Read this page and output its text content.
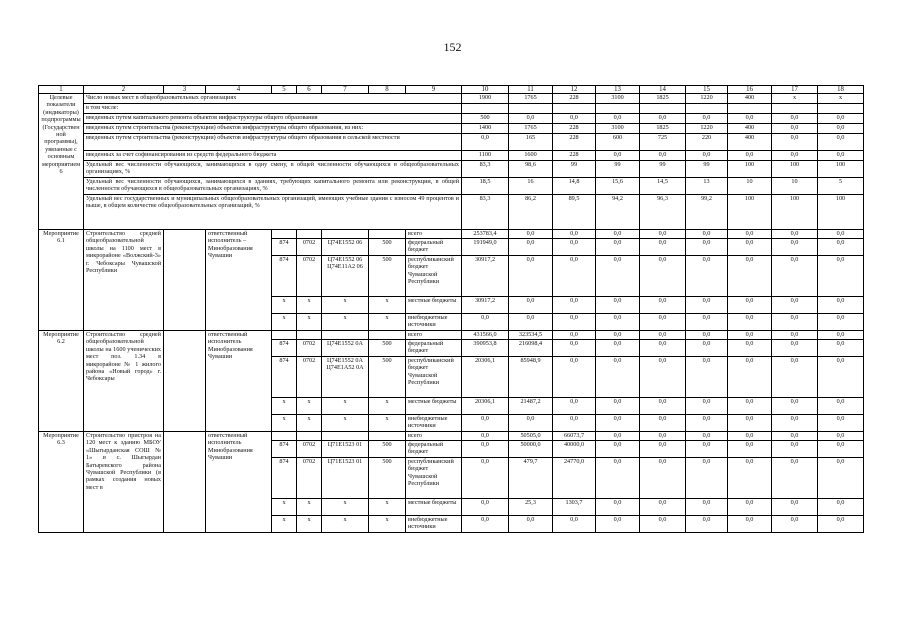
152
1	2	3	4	5	6	7	8	9	10	11	12	13	14	15	16	17	18
Целевые показатели (индикаторы) подпрограммы (Государственной программы), увязанные с основным мероприятием 6	Число новых мест в общеобразовательных организациях								1900	1765	228	3100	1825	1220	400	x	x
	в том числе:																
	введенных путем капитального ремонта объектов инфраструктуры общего образования								500	0,0	0,0	0,0	0,0	0,0	0,0	0,0	0,0
	введенных путем строительства (реконструкции) объектов инфраструктуры общего образования, из них:								1400	1765	228	3100	1825	1220	400	0,0	0,0
	введенных путем строительства (реконструкции) объектов инфраструктуры общего образования в сельской местности								0,0	165	228	600	725	220	400	0,0	0,0
	введенных за счет софинансирования из средств федерального бюджета								1100	1600	228	0,0	0,0	0,0	0,0	0,0	0,0
	Удельный вес численности обучающихся, занимающихся в одну смену, в общей численности обучающихся в общеобразовательных организациях, %								83,3	98,6	99	99	99	99	100	100	100
	Удельный вес численности обучающихся, занимающихся в зданиях, требующих капитального ремонта или реконструкции, в общей численности обучающихся в общеобразовательных организациях, %								18,5	16	14,8	15,6	14,5	13	10	10	5
	Удельный вес государственных и муниципальных общеобразовательных организаций, имеющих учебные здания с износом 49 процентов и выше, в общем количестве общеобразовательных организаций, %								83,3	86,2	89,5	94,2	96,3	99,2	100	100	100
Мероприятие 6.1	Строительство средней общеобразовательной школы на 1100 мест в микрорайоне «Волжский-3» г. Чебоксары Чувашской Республики		ответственный исполнитель – Минобразования Чувашии					всего	253783,4	0,0	0,0	0,0	0,0	0,0	0,0	0,0	0,0
				874	0702	Ц74E1552 06	500	федеральный бюджет	191949,0	0,0	0,0	0,0	0,0	0,0	0,0	0,0	0,0
				874	0702	Ц74E1552 06 Ц74E11А2 06	500	республиканский бюджет Чувашской Республики	30917,2	0,0	0,0	0,0	0,0	0,0	0,0	0,0	0,0
				x	x	x	x	местные бюджеты	30917,2	0,0	0,0	0,0	0,0	0,0	0,0	0,0	0,0
				x	x	x	x	внебюджетные источники	0,0	0,0	0,0	0,0	0,0	0,0	0,0	0,0	0,0
Мероприятие 6.2	Строительство средней общеобразовательной школы на 1600 ученических мест поз. 1.34 в микрорайоне № 1 жилого района «Новый город» г. Чебоксары		ответственный исполнитель Минобразования Чувашии					всего	431566,0	323534,5	0,0	0,0	0,0	0,0	0,0	0,0	0,0
				874	0702	Ц74E1552 0А	500	федеральный бюджет	390953,8	216098,4	0,0	0,0	0,0	0,0	0,0	0,0	0,0
				874	0702	Ц74E1552 0А Ц74E1А52 0А	500	республиканский бюджет Чувашской Республики	20306,1	85948,9	0,0	0,0	0,0	0,0	0,0	0,0	0,0
				x	x	x	x	местные бюджеты	20306,1	21487,2	0,0	0,0	0,0	0,0	0,0	0,0	0,0
				x	x	x	x	внебюджетные источники	0,0	0,0	0,0	0,0	0,0	0,0	0,0	0,0	0,0
Мероприятие 6.3	Строительство пристроя на 120 мест к зданию МБОУ «Шыгырданская СОШ № 1» в с. Шыгырдан Батыревского района Чувашской Республики (в рамках создания новых мест в		ответственный исполнитель Минобразования Чувашии					всего	0,0	50505,0	66073,7	0,0	0,0	0,0	0,0	0,0	0,0
				874	0702	Ц71E1523 01	500	федеральный бюджет	0,0	50000,0	40000,0	0,0	0,0	0,0	0,0	0,0	0,0
				874	0702	Ц71E1523 01	500	республиканский бюджет Чувашской Республики	0,0	479,7	24770,0	0,0	0,0	0,0	0,0	0,0	0,0
				x	x	x	x	местные бюджеты	0,0	25,3	1303,7	0,0	0,0	0,0	0,0	0,0	0,0
				x	x	x	x	внебюджетные источники	0,0	0,0	0,0	0,0	0,0	0,0	0,0	0,0	0,0
